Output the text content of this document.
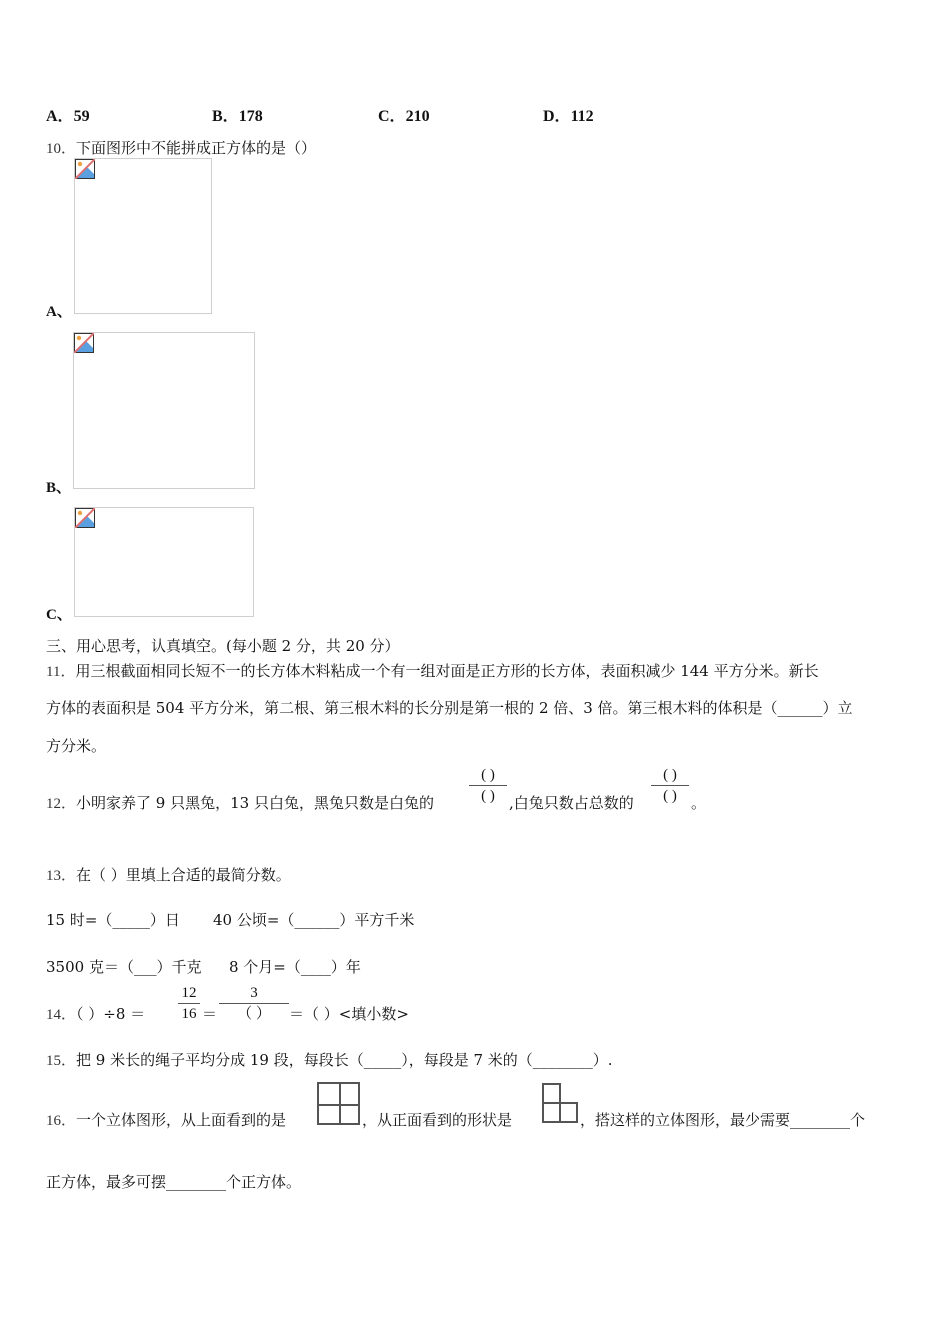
A．59	B．178	C．210	D．112
10．下面图形中不能拼成正方体的是（）
A、
B、
C、
三、用心思考，认真填空。(每小题 2 分，共 20 分）
11．用三根截面相同长短不一的长方体木料粘成一个有一组对面是正方形的长方体，表面积减少 144 平方分米。新长
方体的表面积是 504 平方分米，第二根、第三根木料的长分别是第一根的 2 倍、3 倍。第三根木料的体积是（______）立
方分米。
12．小明家养了 9 只黑兔，13 只白兔，黑兔只数是白兔的
( )
( ) ,白兔只数占总数的
( )
( ) 。
13．在（ ）里填上合适的最简分数。
15 时=（_____）日 40 公顷=（______）平方千米
3500 克＝（___）千克 8 个月=（____）年
14．（ ）÷8 ＝
12
16 ＝
3
（ ）	＝（ ）<填小数>
15．把 9 米长的绳子平均分成 19 段，每段长（_____），每段是 7 米的（________）.
16．一个立体图形，从上面看到的是	，从正面看到的形状是	，搭这样的立体图形，最少需要________个
正方体，最多可摆________个正方体。
